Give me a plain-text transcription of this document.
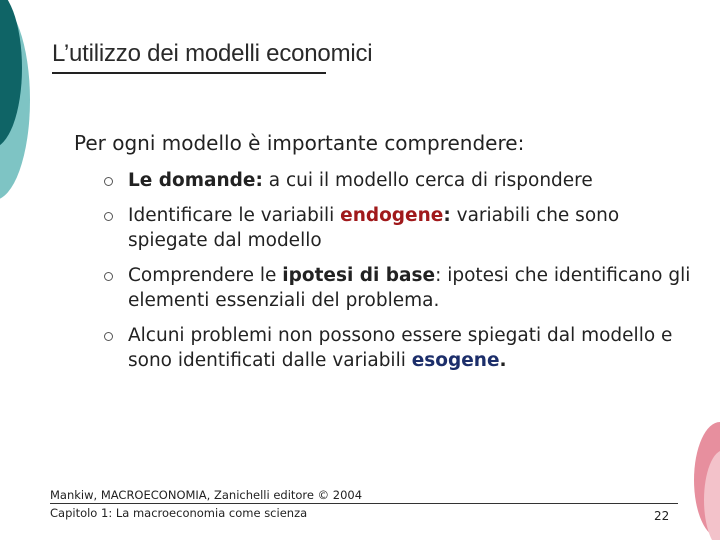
L’utilizzo dei modelli economici
Per ogni modello è importante comprendere:
Le domande: a cui il modello cerca di rispondere
Identificare le variabili endogene: variabili che sono spiegate dal modello
Comprendere le ipotesi di base: ipotesi che identificano gli elementi essenziali del problema.
Alcuni problemi non possono essere spiegati dal modello e sono identificati dalle variabili esogene.
Mankiw, MACROECONOMIA, Zanichelli editore © 2004
Capitolo 1: La macroeconomia come scienza	22
